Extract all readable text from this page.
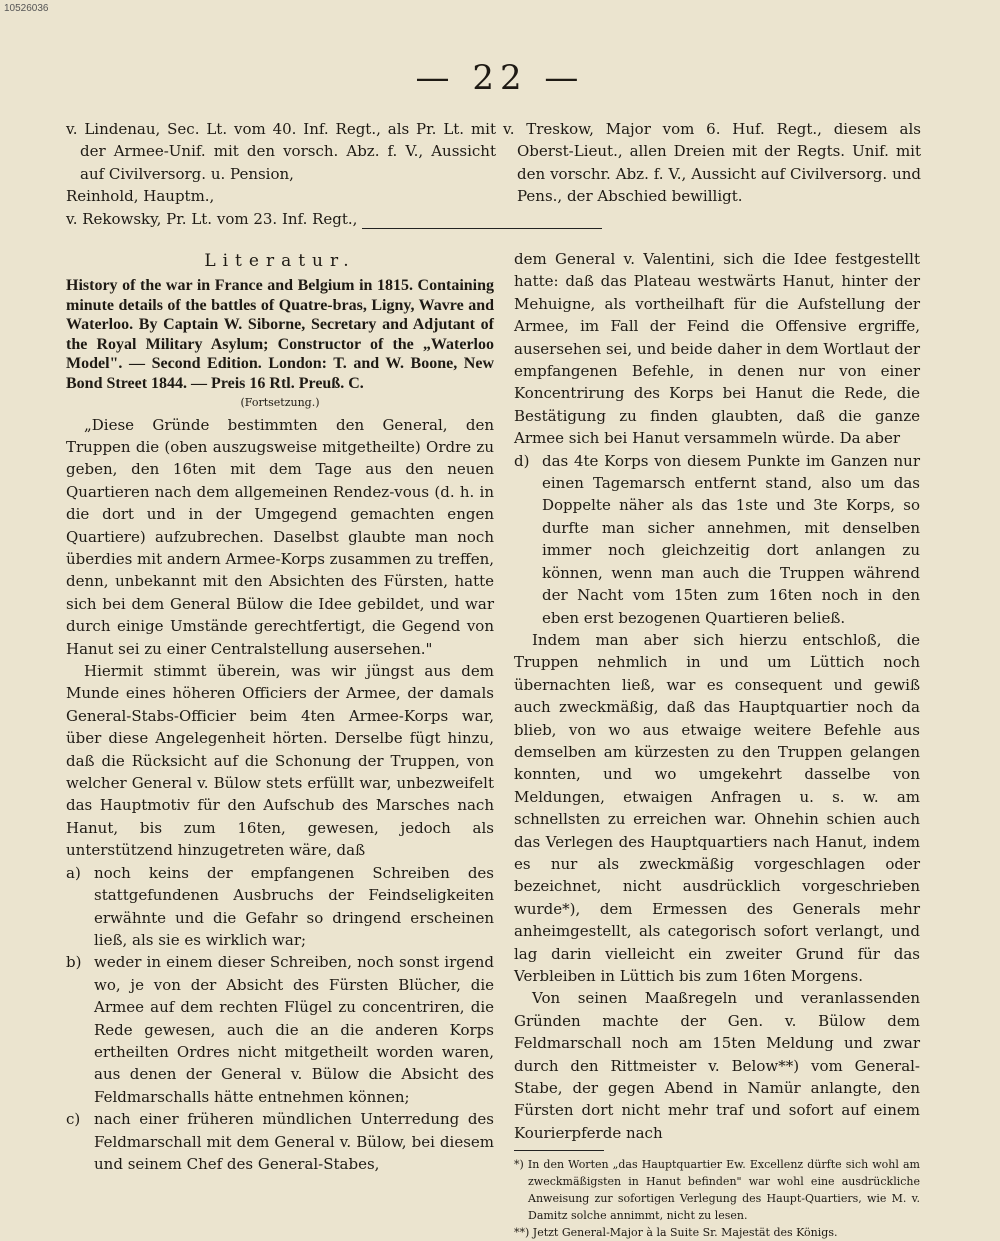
10526036
— 22 —
v. Lindenau, Sec. Lt. vom 40. Inf. Regt., als Pr. Lt. mit der Armee-Unif. mit den vorsch. Abz. f. V., Aussicht auf Civilversorg. u. Pension,
Reinhold, Hauptm.,
v. Rekowsky, Pr. Lt. vom 23. Inf. Regt.,
v. Treskow, Major vom 6. Huf. Regt., diesem als Oberst-Lieut., allen Dreien mit der Regts. Unif. mit den vorschr. Abz. f. V., Aussicht auf Civilversorg. und Pens., der Abschied bewilligt.
Literatur.
History of the war in France and Belgium in 1815. Containing minute details of the battles of Quatre-bras, Ligny, Wavre and Waterloo. By Captain W. Siborne, Secretary and Adjutant of the Royal Military Asylum; Constructor of the „Waterloo Model". — Second Edition. London: T. and W. Boone, New Bond Street 1844. — Preis 16 Rtl. Preuß. C.
(Fortsetzung.)
„Diese Gründe bestimmten den General, den Truppen die (oben auszugsweise mitgetheilte) Ordre zu geben, den 16ten mit dem Tage aus den neuen Quartieren nach dem allgemeinen Rendez-vous (d. h. in die dort und in der Umgegend gemachten engen Quartiere) aufzubrechen. Daselbst glaubte man noch überdies mit andern Armee-Korps zusammen zu treffen, denn, unbekannt mit den Absichten des Fürsten, hatte sich bei dem General Bülow die Idee gebildet, und war durch einige Umstände gerechtfertigt, die Gegend von Hanut sei zu einer Centralstellung ausersehen."
Hiermit stimmt überein, was wir jüngst aus dem Munde eines höheren Officiers der Armee, der damals General-Stabs-Officier beim 4ten Armee-Korps war, über diese Angelegenheit hörten. Derselbe fügt hinzu, daß die Rücksicht auf die Schonung der Truppen, von welcher General v. Bülow stets erfüllt war, unbezweifelt das Hauptmotiv für den Aufschub des Marsches nach Hanut, bis zum 16ten, gewesen, jedoch als unterstützend hinzugetreten wäre, daß
a) noch keins der empfangenen Schreiben des stattgefundenen Ausbruchs der Feindseligkeiten erwähnte und die Gefahr so dringend erscheinen ließ, als sie es wirklich war;
b) weder in einem dieser Schreiben, noch sonst irgend wo, je von der Absicht des Fürsten Blücher, die Armee auf dem rechten Flügel zu concentriren, die Rede gewesen, auch die an die anderen Korps ertheilten Ordres nicht mitgetheilt worden waren, aus denen der General v. Bülow die Absicht des Feldmarschalls hätte entnehmen können;
c) nach einer früheren mündlichen Unterredung des Feldmarschall mit dem General v. Bülow, bei diesem und seinem Chef des General-Stabes,
dem General v. Valentini, sich die Idee festgestellt hatte: daß das Plateau westwärts Hanut, hinter der Mehuigne, als vortheilhaft für die Aufstellung der Armee, im Fall der Feind die Offensive ergriffe, ausersehen sei, und beide daher in dem Wortlaut der empfangenen Befehle, in denen nur von einer Koncentrirung des Korps bei Hanut die Rede, die Bestätigung zu finden glaubten, daß die ganze Armee sich bei Hanut versammeln würde. Da aber
d) das 4te Korps von diesem Punkte im Ganzen nur einen Tagemarsch entfernt stand, also um das Doppelte näher als das 1ste und 3te Korps, so durfte man sicher annehmen, mit denselben immer noch gleichzeitig dort anlangen zu können, wenn man auch die Truppen während der Nacht vom 15ten zum 16ten noch in den eben erst bezogenen Quartieren beließ.
Indem man aber sich hierzu entschloß, die Truppen nehmlich in und um Lüttich noch übernachten ließ, war es consequent und gewiß auch zweckmäßig, daß das Hauptquartier noch da blieb, von wo aus etwaige weitere Befehle aus demselben am kürzesten zu den Truppen gelangen konnten, und wo umgekehrt dasselbe von Meldungen, etwaigen Anfragen u. s. w. am schnellsten zu erreichen war. Ohnehin schien auch das Verlegen des Hauptquartiers nach Hanut, indem es nur als zweckmäßig vorgeschlagen oder bezeichnet, nicht ausdrücklich vorgeschrieben wurde*), dem Ermessen des Generals mehr anheimgestellt, als categorisch sofort verlangt, und lag darin vielleicht ein zweiter Grund für das Verbleiben in Lüttich bis zum 16ten Morgens.
Von seinen Maaßregeln und veranlassenden Gründen machte der Gen. v. Bülow dem Feldmarschall noch am 15ten Meldung und zwar durch den Rittmeister v. Below**) vom General-Stabe, der gegen Abend in Namür anlangte, den Fürsten dort nicht mehr traf und sofort auf einem Kourierpferde nach
*) In den Worten „das Hauptquartier Ew. Excellenz dürfte sich wohl am zweckmäßigsten in Hanut befinden" war wohl eine ausdrückliche Anweisung zur sofortigen Verlegung des Haupt-Quartiers, wie M. v. Damitz solche annimmt, nicht zu lesen.
**) Jetzt General-Major à la Suite Sr. Majestät des Königs.
